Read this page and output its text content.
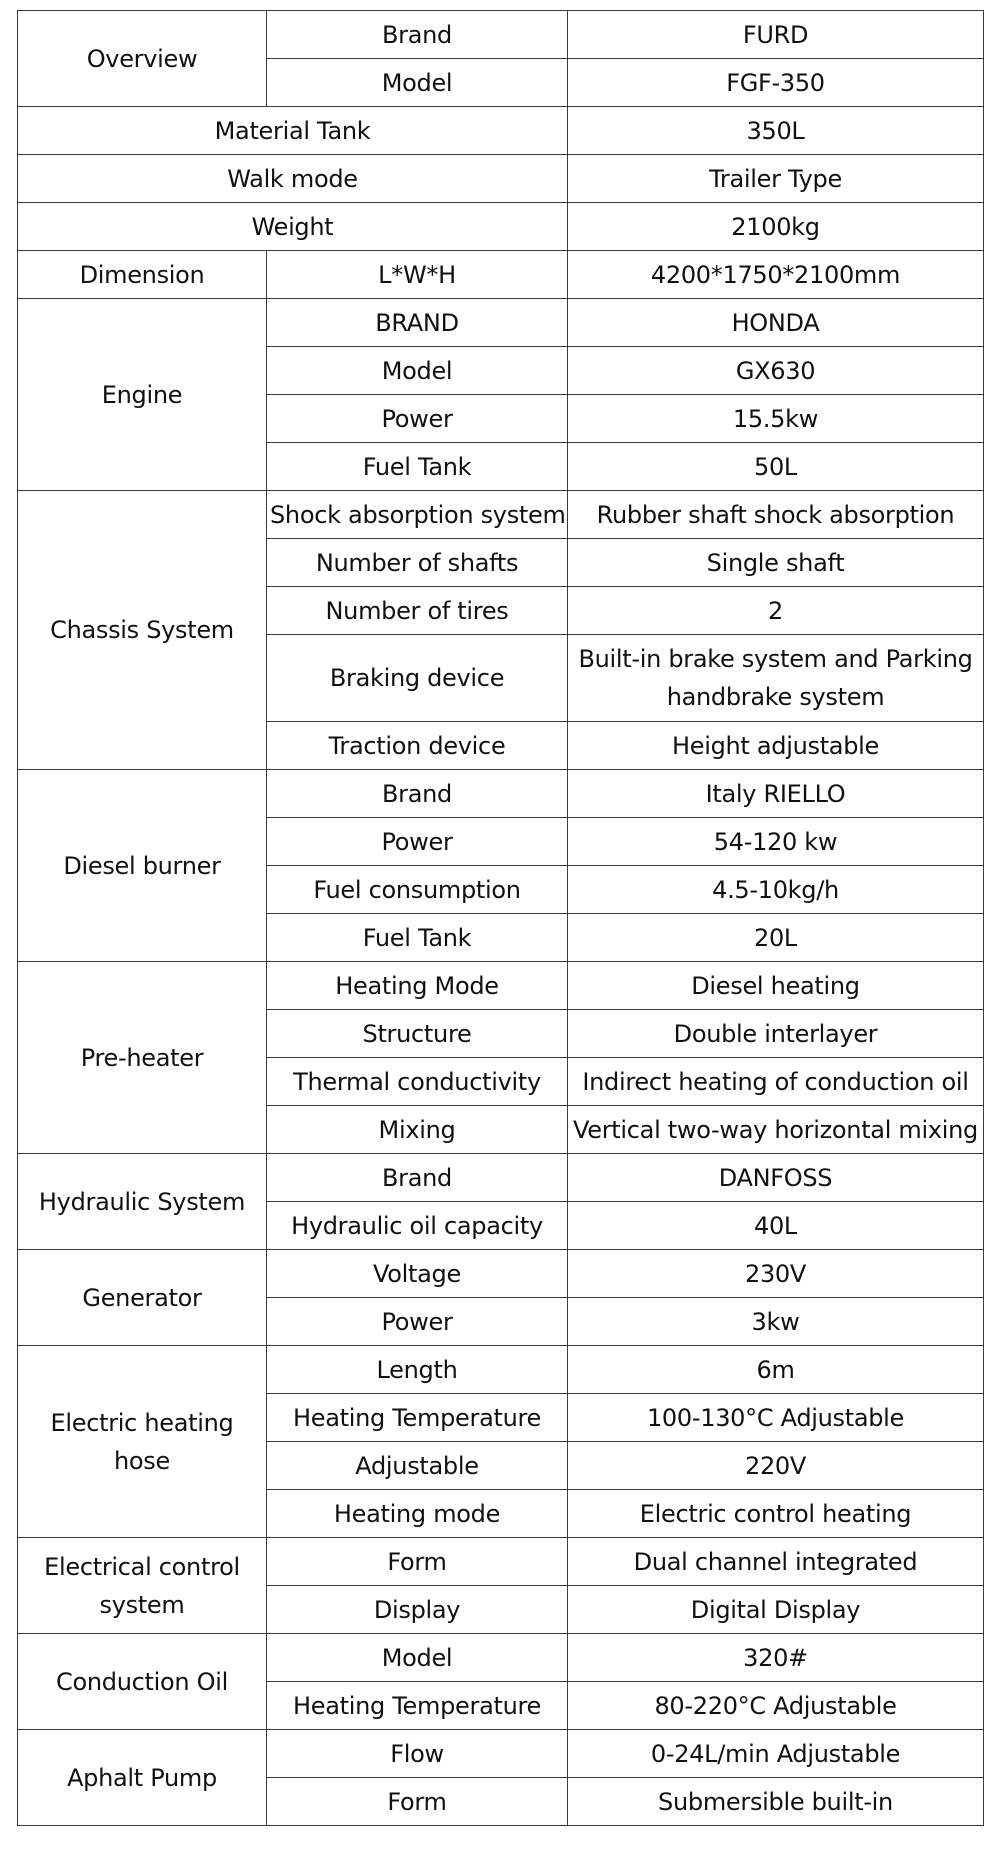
Overview	Brand	FURD
	Model	FGF-350
Material Tank		350L
Walk mode		Trailer Type
Weight		2100kg
Dimension	L*W*H	4200*1750*2100mm
Engine	BRAND	HONDA
	Model	GX630
	Power	15.5kw
	Fuel Tank	50L
Chassis System	Shock absorption system	Rubber shaft shock absorption
	Number of shafts	Single shaft
	Number of tires	2
	Braking device	Built-in brake system and Parking handbrake system
	Traction device	Height adjustable
Diesel burner	Brand	Italy RIELLO
	Power	54-120 kw
	Fuel consumption	4.5-10kg/h
	Fuel Tank	20L
Pre-heater	Heating Mode	Diesel heating
	Structure	Double interlayer
	Thermal conductivity	Indirect heating of conduction oil
	Mixing	Vertical two-way horizontal mixing
Hydraulic System	Brand	DANFOSS
	Hydraulic oil capacity	40L
Generator	Voltage	230V
	Power	3kw
Electric heating hose	Length	6m
	Heating Temperature	100-130°C Adjustable
	Adjustable	220V
	Heating mode	Electric control heating
Electrical control system	Form	Dual channel integrated
	Display	Digital Display
Conduction Oil	Model	320#
	Heating Temperature	80-220°C Adjustable
Aphalt Pump	Flow	0-24L/min Adjustable
	Form	Submersible built-in
